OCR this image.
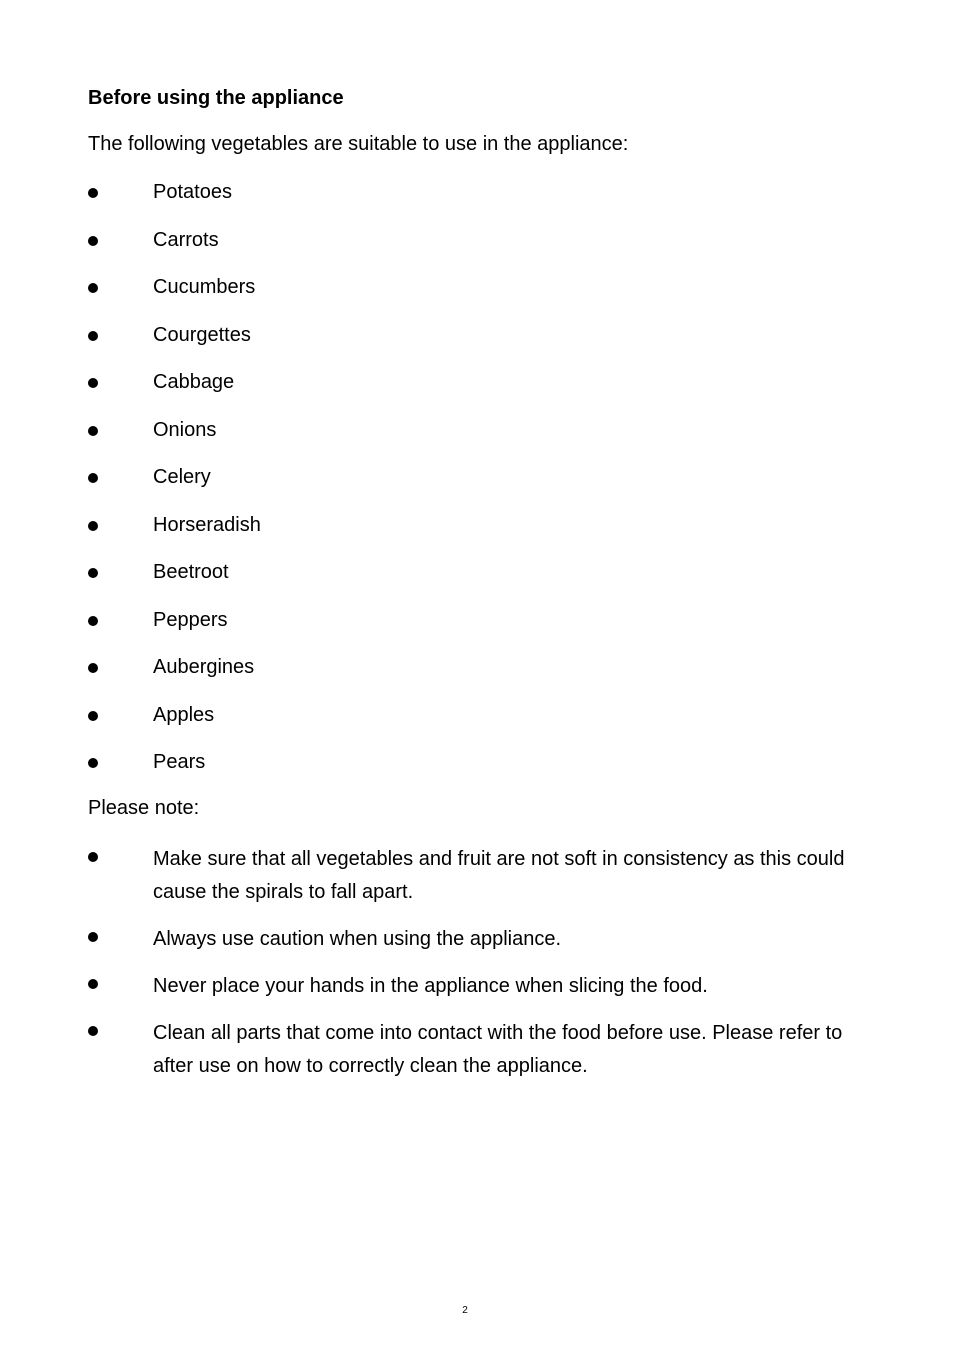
Before using the appliance

The following vegetables are suitable to use in the appliance:

Potatoes
Carrots
Cucumbers
Courgettes
Cabbage
Onions
Celery
Horseradish
Beetroot
Peppers
Aubergines
Apples
Pears

Please note:

Make sure that all vegetables and fruit are not soft in consistency as this could cause the spirals to fall apart.
Always use caution when using the appliance.
Never place your hands in the appliance when slicing the food.
Clean all parts that come into contact with the food before use. Please refer to after use on how to correctly clean the appliance.
2
